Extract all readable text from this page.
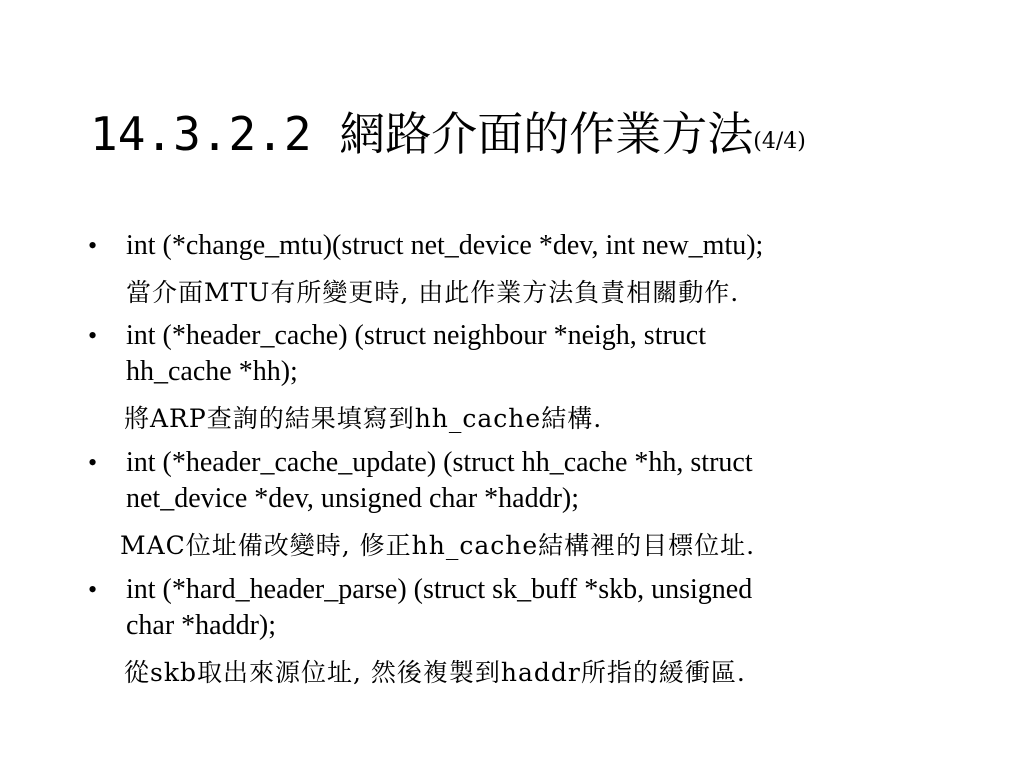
14.3.2.2 網路介面的作業方法(4/4)
• int (*change_mtu)(struct net_device *dev, int new_mtu);
當介面MTU有所變更時, 由此作業方法負責相關動作.
• int (*header_cache) (struct neighbour *neigh, struct
hh_cache *hh);
將ARP查詢的結果填寫到hh_cache結構.
• int (*header_cache_update) (struct hh_cache *hh, struct
net_device *dev, unsigned char *haddr);
MAC位址備改變時, 修正hh_cache結構裡的目標位址.
• int (*hard_header_parse) (struct sk_buff *skb, unsigned
char *haddr);
從skb取出來源位址, 然後複製到haddr所指的緩衝區.
